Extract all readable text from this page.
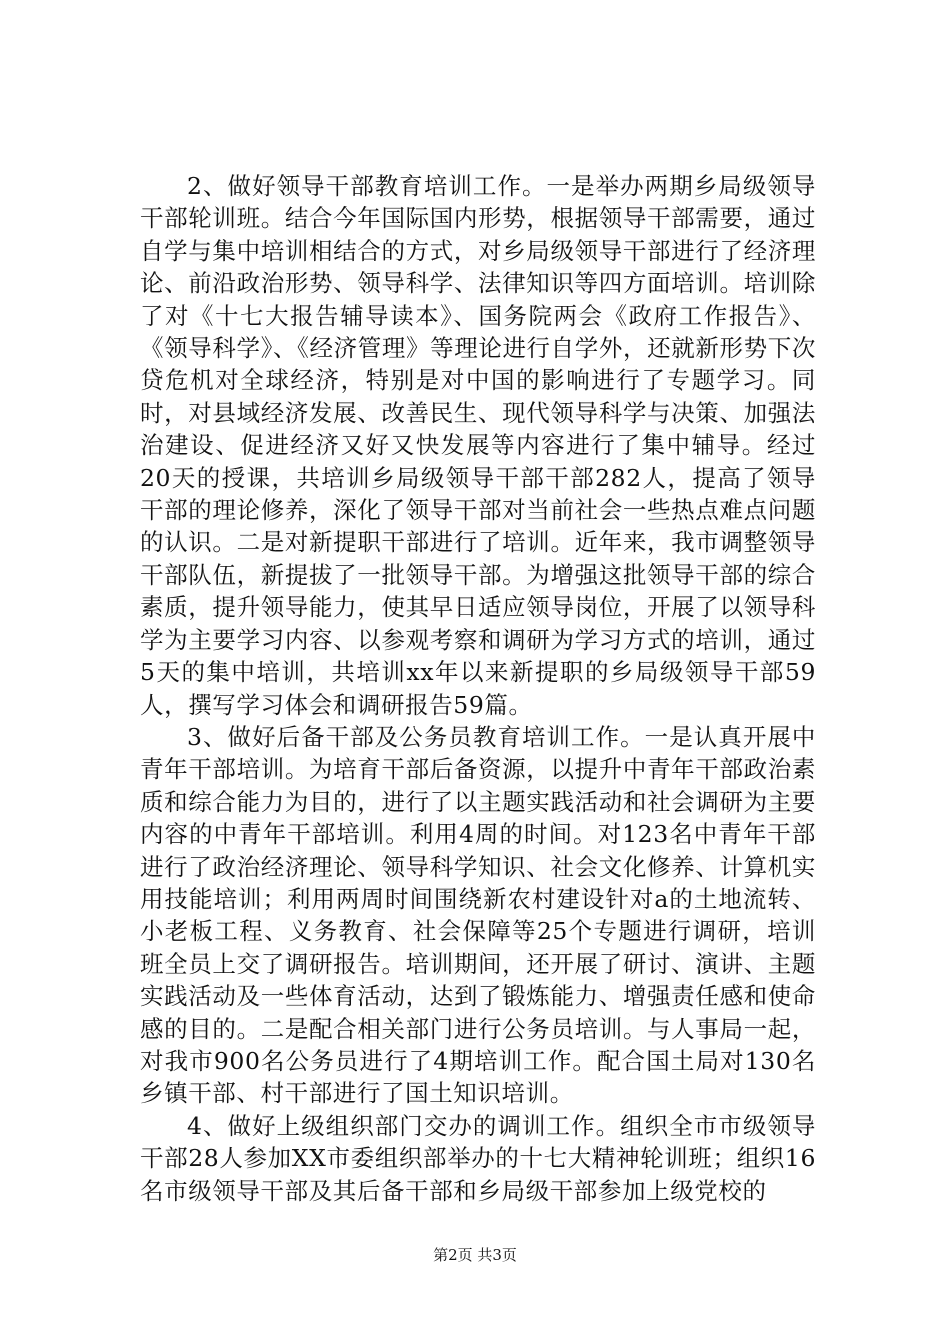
2、做好领导干部教育培训工作。一是举办两期乡局级领导干部轮训班。结合今年国际国内形势，根据领导干部需要，通过自学与集中培训相结合的方式，对乡局级领导干部进行了经济理论、前沿政治形势、领导科学、法律知识等四方面培训。培训除了对《十七大报告辅导读本》、国务院两会《政府工作报告》、《领导科学》、《经济管理》等理论进行自学外，还就新形势下次贷危机对全球经济，特别是对中国的影响进行了专题学习。同时，对县域经济发展、改善民生、现代领导科学与决策、加强法治建设、促进经济又好又快发展等内容进行了集中辅导。经过20天的授课，共培训乡局级领导干部干部282人，提高了领导干部的理论修养，深化了领导干部对当前社会一些热点难点问题的认识。二是对新提职干部进行了培训。近年来，我市调整领导干部队伍，新提拔了一批领导干部。为增强这批领导干部的综合素质，提升领导能力，使其早日适应领导岗位，开展了以领导科学为主要学习内容、以参观考察和调研为学习方式的培训，通过5天的集中培训，共培训xx年以来新提职的乡局级领导干部59人，撰写学习体会和调研报告59篇。

3、做好后备干部及公务员教育培训工作。一是认真开展中青年干部培训。为培育干部后备资源，以提升中青年干部政治素质和综合能力为目的，进行了以主题实践活动和社会调研为主要内容的中青年干部培训。利用4周的时间。对123名中青年干部进行了政治经济理论、领导科学知识、社会文化修养、计算机实用技能培训；利用两周时间围绕新农村建设针对a的土地流转、小老板工程、义务教育、社会保障等25个专题进行调研，培训班全员上交了调研报告。培训期间，还开展了研讨、演讲、主题实践活动及一些体育活动，达到了锻炼能力、增强责任感和使命感的目的。二是配合相关部门进行公务员培训。与人事局一起，对我市900名公务员进行了4期培训工作。配合国土局对130名乡镇干部、村干部进行了国土知识培训。

4、做好上级组织部门交办的调训工作。组织全市市级领导干部28人参加XX市委组织部举办的十七大精神轮训班；组织16名市级领导干部及其后备干部和乡局级干部参加上级党校的

第2页 共3页
